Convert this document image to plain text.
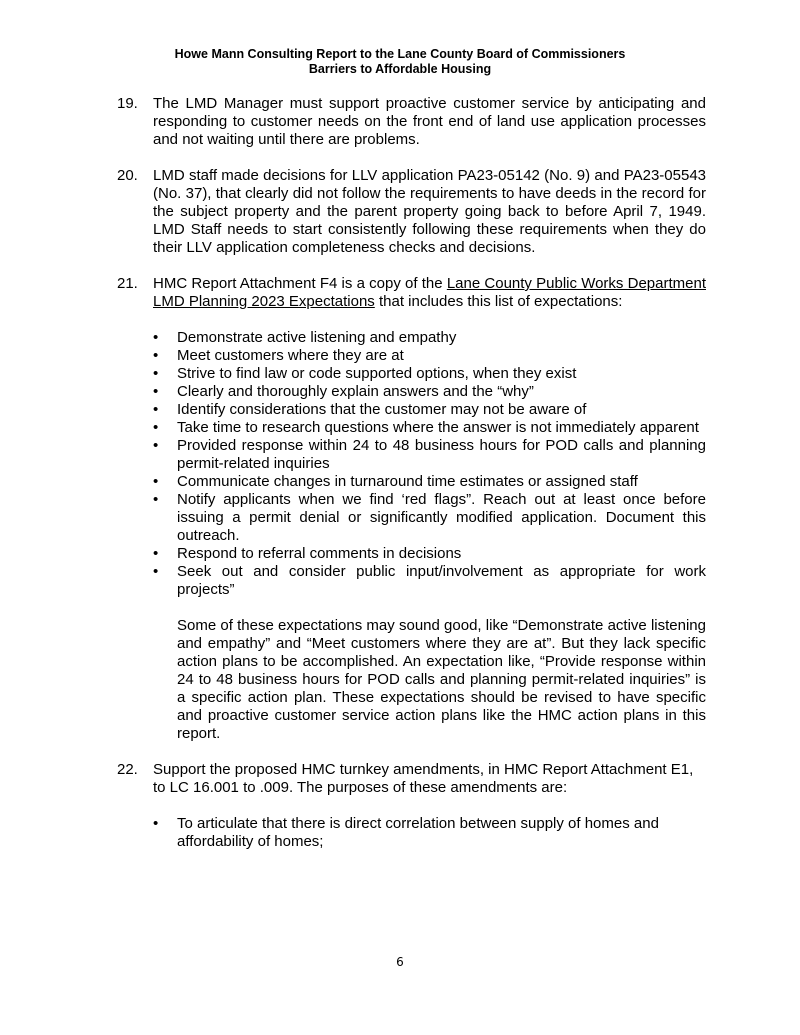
Howe Mann Consulting Report to the Lane County Board of Commissioners
Barriers to Affordable Housing
19. The LMD Manager must support proactive customer service by anticipating and responding to customer needs on the front end of land use application processes and not waiting until there are problems.

20. LMD staff made decisions for LLV application PA23-05142 (No. 9) and PA23-05543 (No. 37), that clearly did not follow the requirements to have deeds in the record for the subject property and the parent property going back to before April 7, 1949. LMD Staff needs to start consistently following these requirements when they do their LLV application completeness checks and decisions.

21. HMC Report Attachment F4 is a copy of the Lane County Public Works Department LMD Planning 2023 Expectations that includes this list of expectations:

• Demonstrate active listening and empathy
• Meet customers where they are at
• Strive to find law or code supported options, when they exist
• Clearly and thoroughly explain answers and the “why”
• Identify considerations that the customer may not be aware of
• Take time to research questions where the answer is not immediately apparent
• Provided response within 24 to 48 business hours for POD calls and planning permit-related inquiries
• Communicate changes in turnaround time estimates or assigned staff
• Notify applicants when we find ‘red flags”. Reach out at least once before issuing a permit denial or significantly modified application. Document this outreach.
• Respond to referral comments in decisions
• Seek out and consider public input/involvement as appropriate for work projects”

Some of these expectations may sound good, like “Demonstrate active listening and empathy” and “Meet customers where they are at”. But they lack specific action plans to be accomplished. An expectation like, “Provide response within 24 to 48 business hours for POD calls and planning permit-related inquiries” is a specific action plan. These expectations should be revised to have specific and proactive customer service action plans like the HMC action plans in this report.

22. Support the proposed HMC turnkey amendments, in HMC Report Attachment E1, to LC 16.001 to .009. The purposes of these amendments are:

• To articulate that there is direct correlation between supply of homes and affordability of homes;
6
